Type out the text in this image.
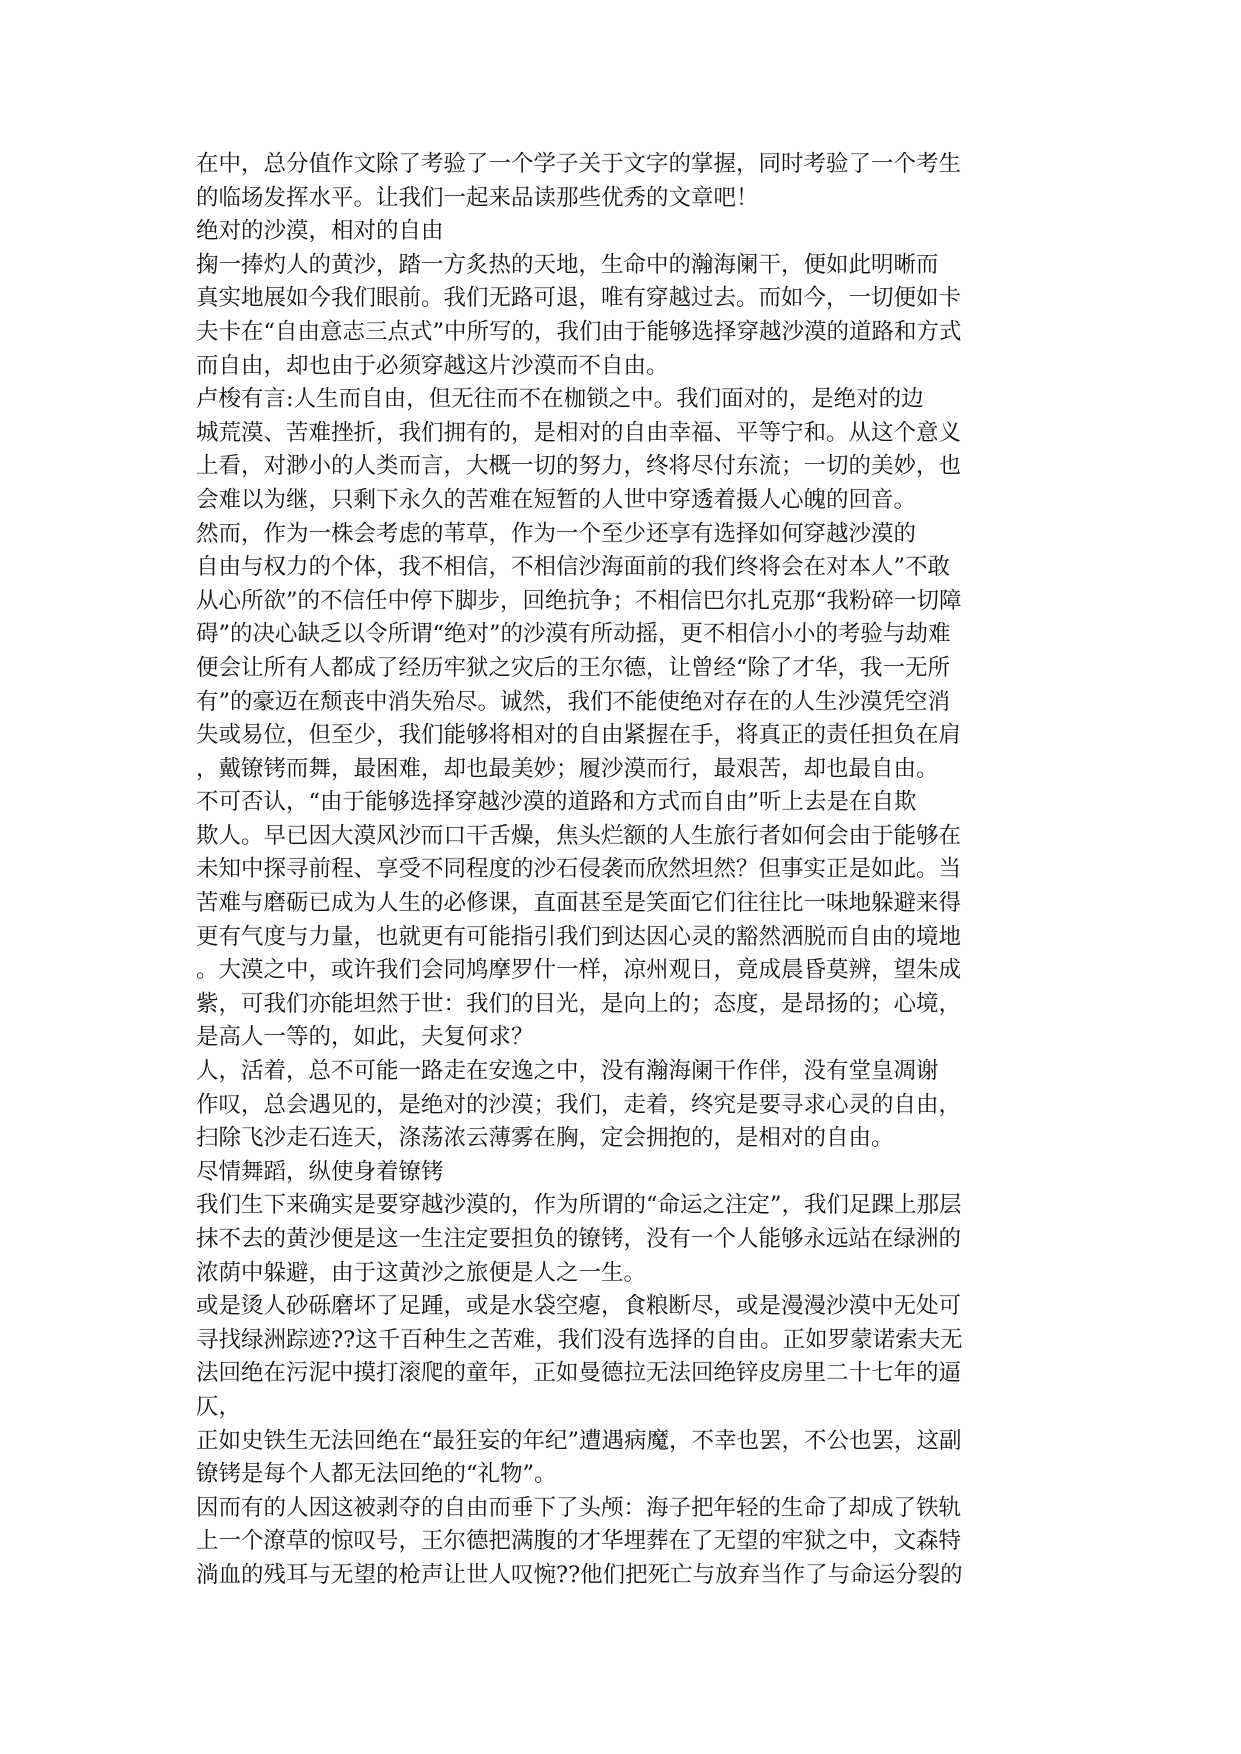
在中，总分值作文除了考验了一个学子关于文字的掌握，同时考验了一个考生
的临场发挥水平。让我们一起来品读那些优秀的文章吧！
绝对的沙漠，相对的自由
掬一捧灼人的黄沙，踏一方炙热的天地，生命中的瀚海阑干，便如此明晰而
真实地展如今我们眼前。我们无路可退，唯有穿越过去。而如今，一切便如卡
夫卡在“自由意志三点式”中所写的，我们由于能够选择穿越沙漠的道路和方式
而自由，却也由于必须穿越这片沙漠而不自由。
卢梭有言:人生而自由，但无往而不在枷锁之中。我们面对的，是绝对的边
城荒漠、苦难挫折，我们拥有的，是相对的自由幸福、平等宁和。从这个意义
上看，对渺小的人类而言，大概一切的努力，终将尽付东流；一切的美妙，也
会难以为继，只剩下永久的苦难在短暂的人世中穿透着摄人心魄的回音。
然而，作为一株会考虑的苇草，作为一个至少还享有选择如何穿越沙漠的
自由与权力的个体，我不相信，不相信沙海面前的我们终将会在对本人”不敢
从心所欲”的不信任中停下脚步，回绝抗争；不相信巴尔扎克那“我粉碎一切障
碍”的决心缺乏以令所谓“绝对”的沙漠有所动摇，更不相信小小的考验与劫难
便会让所有人都成了经历牢狱之灾后的王尔德，让曾经“除了才华，我一无所
有”的豪迈在颓丧中消失殆尽。诚然，我们不能使绝对存在的人生沙漠凭空消
失或易位，但至少，我们能够将相对的自由紧握在手，将真正的责任担负在肩
，戴镣铐而舞，最困难，却也最美妙；履沙漠而行，最艰苦，却也最自由。
不可否认，“由于能够选择穿越沙漠的道路和方式而自由”听上去是在自欺
欺人。早已因大漠风沙而口干舌燥，焦头烂额的人生旅行者如何会由于能够在
未知中探寻前程、享受不同程度的沙石侵袭而欣然坦然？但事实正是如此。当
苦难与磨砺已成为人生的必修课，直面甚至是笑面它们往往比一味地躲避来得
更有气度与力量，也就更有可能指引我们到达因心灵的豁然洒脱而自由的境地
。大漠之中，或许我们会同鸠摩罗什一样，凉州观日，竟成晨昏莫辨，望朱成
紫，可我们亦能坦然于世：我们的目光，是向上的；态度，是昂扬的；心境，
是高人一等的，如此，夫复何求？
人，活着，总不可能一路走在安逸之中，没有瀚海阑干作伴，没有堂皇凋谢
作叹，总会遇见的，是绝对的沙漠；我们，走着，终究是要寻求心灵的自由，
扫除飞沙走石连天，涤荡浓云薄雾在胸，定会拥抱的，是相对的自由。
尽情舞蹈，纵使身着镣铐
我们生下来确实是要穿越沙漠的，作为所谓的“命运之注定”，我们足踝上那层
抹不去的黄沙便是这一生注定要担负的镣铐，没有一个人能够永远站在绿洲的
浓荫中躲避，由于这黄沙之旅便是人之一生。
或是烫人砂砾磨坏了足踵，或是水袋空瘪，食粮断尽，或是漫漫沙漠中无处可
寻找绿洲踪迹??这千百种生之苦难，我们没有选择的自由。正如罗蒙诺索夫无
法回绝在污泥中摸打滚爬的童年，正如曼德拉无法回绝锌皮房里二十七年的逼
仄，
正如史铁生无法回绝在“最狂妄的年纪”遭遇病魔，不幸也罢，不公也罢，这副
镣铐是每个人都无法回绝的“礼物”。
因而有的人因这被剥夺的自由而垂下了头颅：海子把年轻的生命了却成了铁轨
上一个潦草的惊叹号，王尔德把满腹的才华埋葬在了无望的牢狱之中，文森特
淌血的残耳与无望的枪声让世人叹惋??他们把死亡与放弃当作了与命运分裂的
